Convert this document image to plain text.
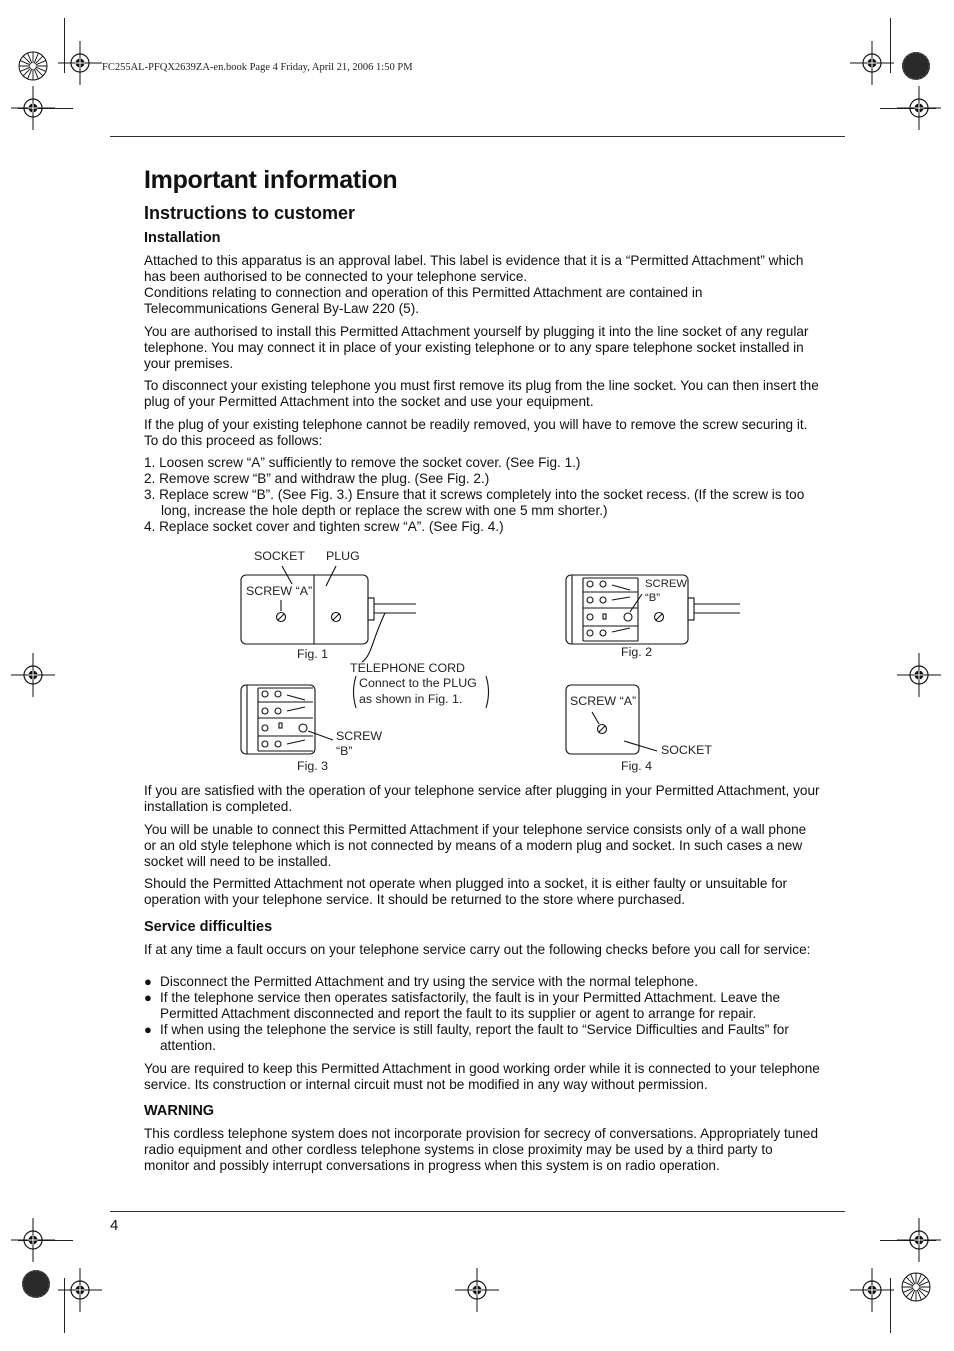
FC255AL-PFQX2639ZA-en.book Page 4 Friday, April 21, 2006 1:50 PM
Important information
Instructions to customer
Installation

Attached to this apparatus is an approval label. This label is evidence that it is a “Permitted Attachment” which has been authorised to be connected to your telephone service.

Conditions relating to connection and operation of this Permitted Attachment are contained in Telecommunications General By-Law 220 (5).

You are authorised to install this Permitted Attachment yourself by plugging it into the line socket of any regular telephone. You may connect it in place of your existing telephone or to any spare telephone socket installed in your premises.

To disconnect your existing telephone you must first remove its plug from the line socket. You can then insert the plug of your Permitted Attachment into the socket and use your equipment.

If the plug of your existing telephone cannot be readily removed, you will have to remove the screw securing it. To do this proceed as follows:

1. Loosen screw “A” sufficiently to remove the socket cover. (See Fig. 1.)
2. Remove screw “B” and withdraw the plug. (See Fig. 2.)
3. Replace screw “B”. (See Fig. 3.) Ensure that it screws completely into the socket recess. (If the screw is too long, increase the hole depth or replace the screw with one 5 mm shorter.)
4. Replace socket cover and tighten screw “A”. (See Fig. 4.)
SOCKET PLUG
SCREW “A”
Fig. 1
TELEPHONE CORD
Connect to the PLUG
as shown in Fig. 1.
SCREW
“B”
Fig. 2
SCREW
“B”
Fig. 3
SCREW “A”
SOCKET
Fig. 4

If you are satisfied with the operation of your telephone service after plugging in your Permitted Attachment, your installation is completed.

You will be unable to connect this Permitted Attachment if your telephone service consists only of a wall phone or an old style telephone which is not connected by means of a modern plug and socket. In such cases a new socket will need to be installed.

Should the Permitted Attachment not operate when plugged into a socket, it is either faulty or unsuitable for operation with your telephone service. It should be returned to the store where purchased.

Service difficulties

If at any time a fault occurs on your telephone service carry out the following checks before you call for service:

● Disconnect the Permitted Attachment and try using the service with the normal telephone.
● If the telephone service then operates satisfactorily, the fault is in your Permitted Attachment. Leave the Permitted Attachment disconnected and report the fault to its supplier or agent to arrange for repair.
● If when using the telephone the service is still faulty, report the fault to “Service Difficulties and Faults” for attention.

You are required to keep this Permitted Attachment in good working order while it is connected to your telephone service. Its construction or internal circuit must not be modified in any way without permission.

WARNING

This cordless telephone system does not incorporate provision for secrecy of conversations. Appropriately tuned radio equipment and other cordless telephone systems in close proximity may be used by a third party to monitor and possibly interrupt conversations in progress when this system is on radio operation.

4
